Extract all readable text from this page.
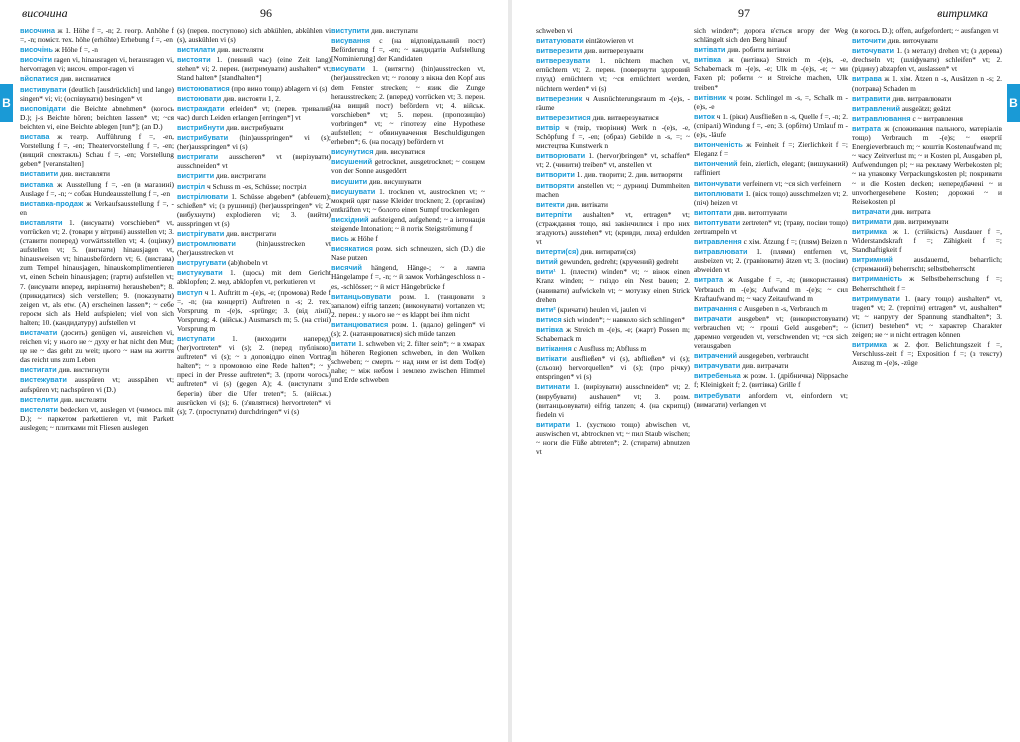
височина	96	97	витримка
В	В
височина ж 1. Höhe f =, -n; 2. геогр. Anhöhe f =, -n; поміст. тех. höhe (erhöhte) Erhebung f =, -en
височінь ж Höhe f =, -n
височіти ragen vi, hinausragen vi, herausragen vi, hervorragen vi; височ. empor-ragen vi
вйспатися див. виспиатися
вистивувати (deutlich [ausdrücklich] und lange) singen* vi; vi; (оспівувати) besingen* vt
висповідати die Beichte abnehmen* (когось D.); j-s Beichte hören; beichten lassen* vt; ~ся beichten vi, eine Beichte ablegen [tun*]; (an D.)
вистава ж театр. Aufführung f =, -en, Vorstellung f =, -en; Theatervorstellung f =, -en; (вищий спектакль) Schau f =, -en; Vorstellung geben* [veranstalten]
виставити див. виставляти
виставка ж Ausstellung f =, -en (в магазині) Auslage f =, -n; ~ собак Hundeausstellung f =, -en
виставка-продаж ж Verkaufsausstellung f =, -en
виставляти 1. (висувати) vorschieben* vt, vorrücken vt; 2. (товари у вітрині) ausstellen vt; 3. (ставити поперед) vorwärtsstellen vt; 4. (оцінку) aufstellen vt; 5. (вигнати) hinausjagen vt, hinausweisen vt; hinausbefördern vt; 6. (вистава) zum Tempel hinausjagen, hinauskomplimentieren vt, einen Schein hinausjagen; (гарти) aufstellen vt; 7. (висувати вперед, вирізняти) herausheben*; 8. (прикидатися) sich verstellen; 9. (показувати) zeigen vt, als etw. (A) erscheinen lassen*; ~ себе героєм sich als Held aufspielen; viel von sich halten; 10. (кандидатуру) aufstellen vt
вистачати (досить) genügen vi, ausreichen vi, reichen vi; у нього не ~ духу er hat nicht den Mut; це не ~ das geht zu weit; цього ~ нам на життя das reicht uns zum Leben
вистигати див. вистигнути
вистежувати ausspüren vt; ausspähen vt; aufspüren vt; nachspüren vi (D.)
вистелити див. вистеляти
вистеляти bedecken vt, auslegen vt (чимось mit D.); ~ паркетом parkettieren vt, mit Parkett auslegen; ~ плитками mit Fliesen auslegen
(s) (перев. поступово) sich abkühlen, abkühlen vi (s), auskühlen vi (s)
вистилати див. вистеляти
вистояти 1. (певний час) (eine Zeit lang) stehen* vi; 2. перен. (витримувати) aushalten* vt; Stand halten* [standhalten*]
вистоюватися (про вино тощо) ablagern vi (s)
вистоювати див. вистояти 1, 2.
вистраждати erleiden* vt; (перев. тривалий час) durch Leiden erlangen [erringen*] vt
вистрибнути див. вистрибувати
вистрибувати (hin)ausspringen* vi (s); (her)ausspringen* vi (s)
вистригати ausscheren* vt (вирізувати) ausschneiden* vt
вистригти див. вистригати
вистріл ч Schuss m -es, Schüsse; постріл
вистрілювати 1. Schüsse abgeben* (abfeuern); schießen* vi; (з рушниці) (her)ausspringen* vi; 2. (вибухнути) explodieren vi; 3. (вийти) ausspringen vt (s)
вистрігувати див. вистригати
вистромлювати	(hin)ausstrecken vt (her)ausstrecken vt
вистругувати (ab)hobeln vt
вистукувати 1. (щось) mit dem Gericht abklopfen; 2. мед. abklopfen vt, perkutieren vt
виступ ч 1. Auftritt m -(e)s, -e; (промова) Rede f =, -n; (на концерті) Auftreten n -s; 2. тех. Vorsprung m -(e)s, -sprünge; 3. (від лінії) Vorsprung; 4. (військ.) Ausmarsch m; 5. (на стіні) Vorsprung m
виступати 1. (виходити наперед) (her)vortreten* vi (s); 2. (перед публікою) auftreten* vi (s); ~ з доповіддю einen Vortrag halten*; ~ з промовою eine Rede halten*; ~ у пресі in der Presse auftreten*; 3. (проти чогось) auftreten* vi (s) (gegen A); 4. (виступати з берегів) über die Ufer treten*; 5. (військ.) ausrücken vi (s); 6. (з'являтися) hervortreten* vi (s); 7. (проступати) durchdringen* vi (s)
виступити див. виступати
висування с (на відповідальний пост) Beförderung f =, -en; ~ кандидатів Aufstellung [Nominierung] der Kandidaten
висувати 1. (витягти) (hin)ausstrecken vt, (her)ausstrecken vt; ~ голову з вікна den Kopf aus dem Fenster strecken; ~ язик die Zunge herausstrecken; 2. (вперед) vorrücken vt; 3. перен. (на вищий пост) befördern vt; 4. військ. vorschieben* vt; 5. перен. (пропозицію) vorbringen* vt; ~ гіпотезу eine Hypothese aufstellen; ~ обвинувачення Beschuldigungen erheben*; 6. (на посаду) befördern vt
висунутися див. висуватися
висушений getrocknet, ausgetrocknet; ~ сонцем von der Sonne ausgedörrt
висушити див. висушувати
висушувати 1. trocknen vt, austrocknen vt; ~ мокрий одяг nasse Kleider trocknen; 2. (організм) entkräften vt; ~ болото einen Sumpf trockenlegen
висхідний aufsteigend, aufgehend; ~ а інтонація steigende Intonation; ~ й потік Steigströmung f
вись ж Höhe f
висякатися розм. sich schneuzen, sich (D.) die Nase putzen
висячий hängend, Hänge-; ~ а лампа Hängelampe f =, -n; ~ й замок Vorhängeschloss n -es, -schlösser; ~ й міст Hängebrücke f
витанцьовувати розм. 1. (танцювати з запалом) eifrig tanzen; (виконувати) vortanzen vt; 2. перен.: у нього не ~ es klappt bei ihm nicht
витанцюватися розм. 1. (вдало) gelingen* vi (s); 2. (натанцюватися) sich müde tanzen
витати 1. schweben vi; 2. filter sein*; ~ в хмарах in höheren Regionen schweben, in den Wolken schweben; ~ смерть ~ над ним er ist dem Tod(e) nahe; ~ між небом і землею zwischen Himmel und Erde schweben
schweben vi
витатуювати eintätowieren vt
витверезити див. витверезувати
витверезувати 1. nüchtern machen vt, ernüchtern vt; 2. перен. (повернути здоровий глузд) ernüchtern vt; ~ся ernüchtert werden, nüchtern werden* vi (s)
витверезник ч Ausnüchterungsraum m -(e)s, -räume
витверезитися див. витверезуватися
витвір ч (твір, творіння) Werk n -(e)s, -e, Schöpfung f =, -en; (образ) Gebilde n -s, =; ~ мистецтва Kunstwerk n
витворювати 1. (hervor)bringen* vt, schaffen* vt; 2. (чинити) treiben* vt, anstellen vt
витворити 1. див. творити; 2. див. витворяти
витворяти anstellen vt; ~ дурниці Dummheiten machen
витекти див. витікати
витерпіти aushalten* vt, ertragen* vt; (страждання тощо, які закінчилися і про них згадують) ausstehen* vt; (кривди, лиха) erdulden vt
витерти(ся) див. витирати(ся)
витий gewunden, gedreht; (кручений) gedreht
вити¹ 1. (плести) winden* vt; ~ вінок einen Kranz winden; ~ гніздо ein Nest bauen; 2. (навивати) aufwickeln vt; ~ мотузку einen Strick drehen
вити² (кричати) heulen vi, jaulen vi
витися sich winden*; ~ навколо sich schlingen*
витівка ж Streich m -(e)s, -e; (жарт) Possen m; Schabernack m
витікання с Ausfluss m; Abfluss m
витікати ausfließen* vi (s), abfließen* vi (s); (сльози) hervorquellen* vi (s); (про річку) entspringen* vi (s)
витинати 1. (вирізувати) ausschneiden* vt; 2. (вирубувати) aushauen* vt; 3. розм. (витанцьовувати) eifrig tanzen; 4. (на скрипці) fiedeln vi
витирати 1. (хусткою тощо) abwischen vt, auswischen vt, abtrocknen vt; ~ пил Staub wischen; ~ ноги die Füße abtreten*; 2. (стирати) abnutzen vt
sich winden*; дорога в'ється вгору der Weg schlängelt sich den Berg hinauf
витівати див. робити витівки
витівка ж (витівка) Streich m -(e)s, -e, Schabernack m -(e)s, -e; Ulk m -(e)s, -e; ~ ми Faxen pl; робити ~ и Streiche machen, Ulk treiben*
витівник ч розм. Schlingel m -s, =, Schalk m -(e)s, -e
виток ч 1. (ріки) Ausfließen n -s, Quelle f =, -n; 2. (спіралі) Windung f =, -en; 3. (орбіти) Umlauf m -(e)s, -läufe
витонченість ж Feinheit f =; Zierlichkeit f =; Eleganz f =
витончений fein, zierlich, elegant; (вишуканий) raffiniert
витончувати verfeinern vt; ~ся sich verfeinern
витоплювати 1. (віск тощо) ausschmelzen vt; 2. (піч) heizen vt
витоптати див. витоптувати
витоптувати zertreten* vt; (траву, посіви тощо) zertrampeln vt
витравлення с хім. Ätzung f =; (плям) Beizen n
витравлювати 1. (плями) entfernen vt, ausbeizen vt; 2. (гравіювати) ätzen vt; 3. (посіви) abweiden vt
витрата ж Ausgabe f =, -n; (використання) Verbrauch m -(e)s; Aufwand m -(e)s; ~ сил Kraftaufwand m; ~ часу Zeitaufwand m
витрачання с Ausgeben n -s, Verbrauch m
витрачати ausgeben* vt; (використовувати) verbrauchen vt; ~ гроші Geld ausgeben*; ~ даремно vergeuden vt, verschwenden vt; ~ся sich verausgaben
витрачений ausgegeben, verbraucht
витрачувати див. витрачати
витребенька ж розм. 1. (дрібничка) Nippsache f; Kleinigkeit f; 2. (витівка) Grille f
витребувати anfordern vt, einfordern vt; (вимагати) verlangen vt
(в когось D.); offen, aufgefordert; ~ ausfangen vt
виточити див. виточувати
виточувати 1. (з металу) drehen vt; (з дерева) drechseln vt; (шліфувати) schleifen* vt; 2. (рідину) abzapfen vt, auslassen* vt
витрава ж 1. хім. Ätzen n -s, Ausätzen n -s; 2. (потрава) Schaden m
витравити див. витравлювати
витравлений ausgeätzt; geätzt
витравлювання с ~ витравлення
витрата ж (споживання пального, матеріалів тощо) Verbrauch m -(e)s; ~ енергії Energieverbrauch m; ~ коштів Kostenaufwand m; ~ часу Zeitverlust m; ~ и Kosten pl, Ausgaben pl, Aufwendungen pl; ~ на рекламу Werbekosten pl; ~ на упаковку Verpackungskosten pl; покривати ~ и die Kosten decken; непередбачені ~ и unvorhergesehene Kosten; дорожні ~ и Reisekosten pl
витрачати див. витрата
витримати див. витримувати
витримка ж 1. (стійкість) Ausdauer f =, Widerstandskraft f =; Zähigkeit f =; Standhaftigkeit f
витримний	ausdauernd, beharrlich; (стриманий) beherrscht; selbstbeherrscht
витриманість ж Selbstbeherrschung f =; Beherrschtheit f =
витримувати 1. (вагу тощо) aushalten* vt, tragen* vt; 2. (терпіти) ertragen* vt, aushalten* vt; ~ напругу der Spannung standhalten*; 3. (іспит) bestehen* vt; ~ характер Charakter zeigen; не ~ и nicht ertragen können
витримка ж 2. фот. Belichtungszeit f =, Verschluss-zeit f =; Exposition f =; (з тексту) Auszug m -(e)s, -züge
